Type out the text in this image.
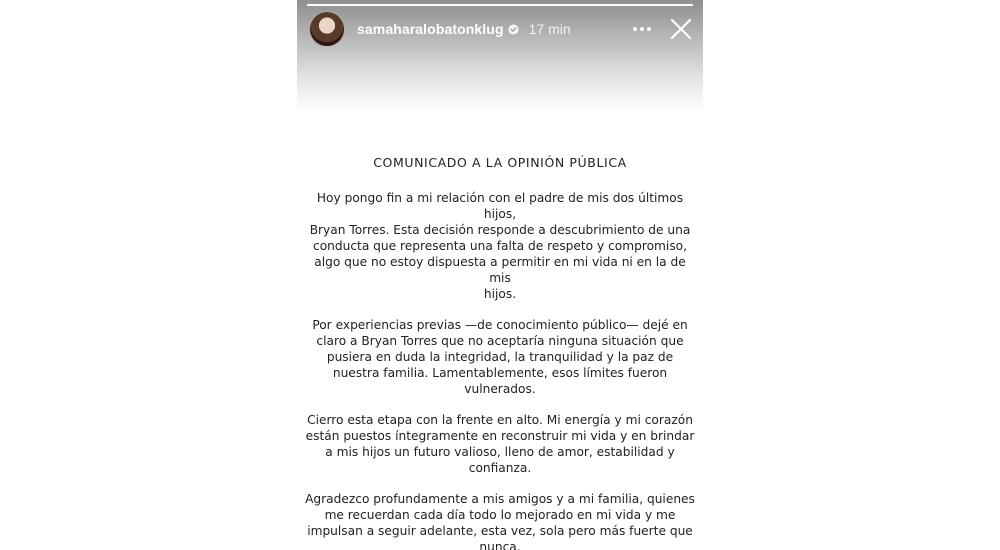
samaharalobatonklug 17 min
COMUNICADO A LA OPINIÓN PÚBLICA

Hoy pongo fin a mi relación con el padre de mis dos últimos hijos,
Bryan Torres. Esta decisión responde a descubrimiento de una
conducta que representa una falta de respeto y compromiso,
algo que no estoy dispuesta a permitir en mi vida ni en la de mis
hijos.

Por experiencias previas —de conocimiento público— dejé en
claro a Bryan Torres que no aceptaría ninguna situación que
pusiera en duda la integridad, la tranquilidad y la paz de
nuestra familia. Lamentablemente, esos límites fueron
vulnerados.

Cierro esta etapa con la frente en alto. Mi energía y mi corazón
están puestos íntegramente en reconstruir mi vida y en brindar
a mis hijos un futuro valioso, lleno de amor, estabilidad y
confianza.

Agradezco profundamente a mis amigos y a mi familia, quienes
me recuerdan cada día todo lo mejorado en mi vida y me
impulsan a seguir adelante, esta vez, sola pero más fuerte que
nunca.
